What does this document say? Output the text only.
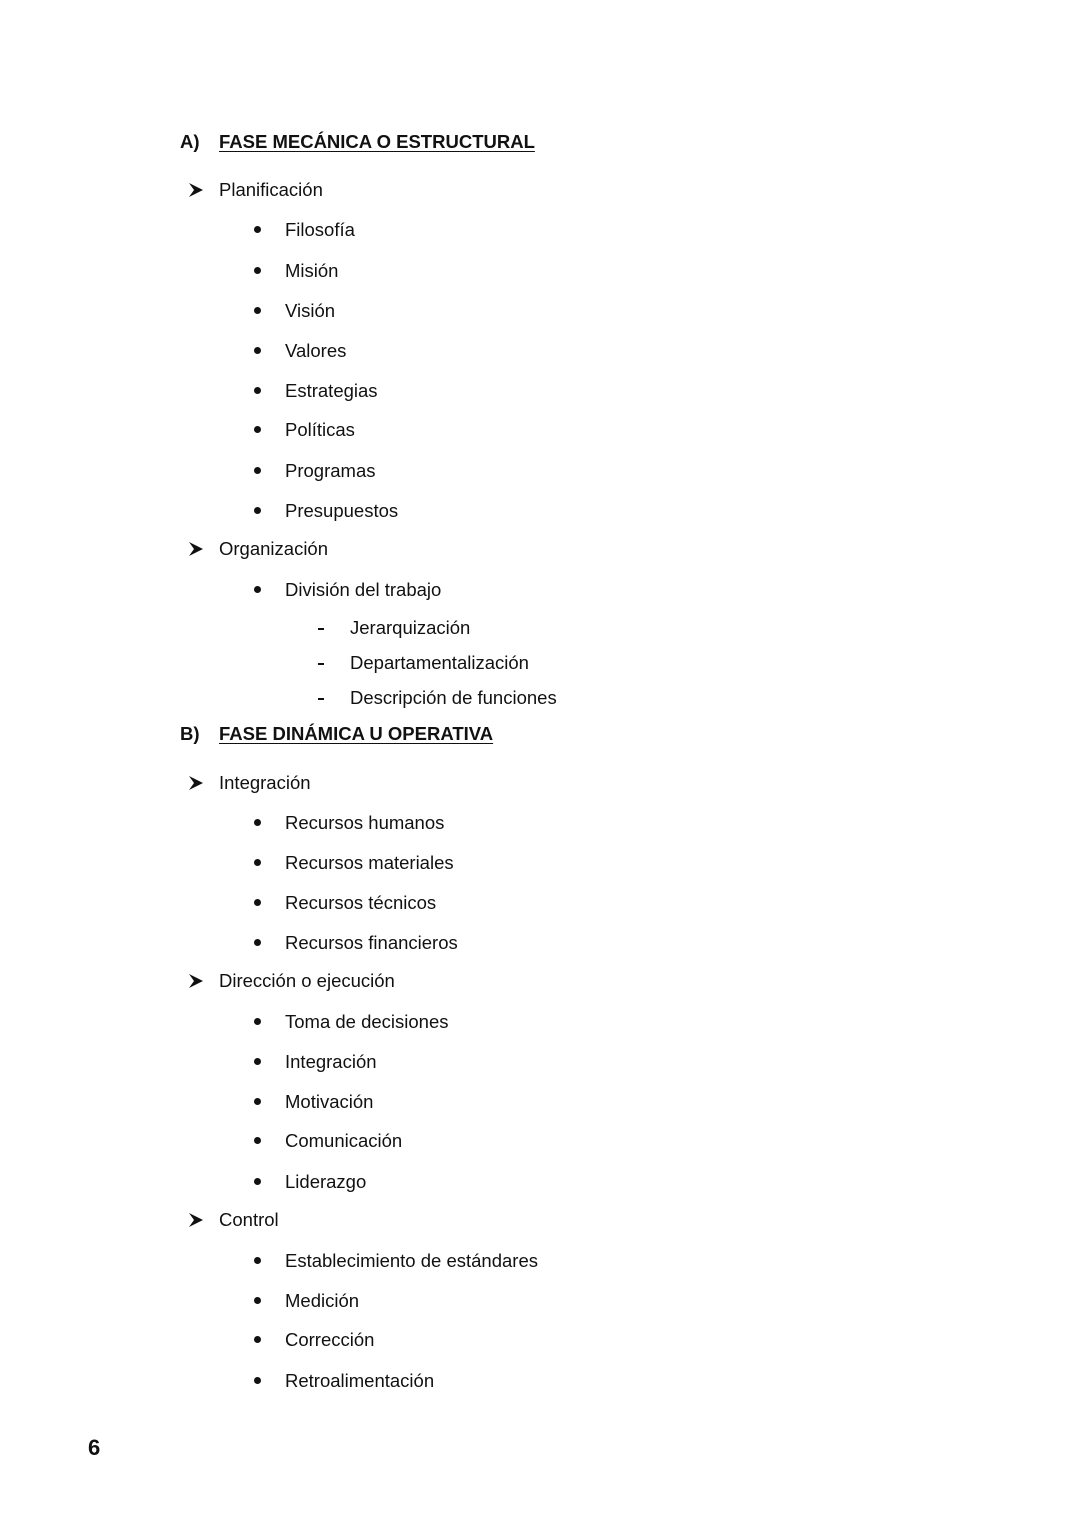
A) FASE MECÁNICA O ESTRUCTURAL
Planificación
Filosofía
Misión
Visión
Valores
Estrategias
Políticas
Programas
Presupuestos
Organización
División del trabajo
Jerarquización
Departamentalización
Descripción de funciones
B) FASE DINÁMICA U OPERATIVA
Integración
Recursos humanos
Recursos materiales
Recursos técnicos
Recursos financieros
Dirección o ejecución
Toma de decisiones
Integración
Motivación
Comunicación
Liderazgo
Control
Establecimiento de estándares
Medición
Corrección
Retroalimentación
6
